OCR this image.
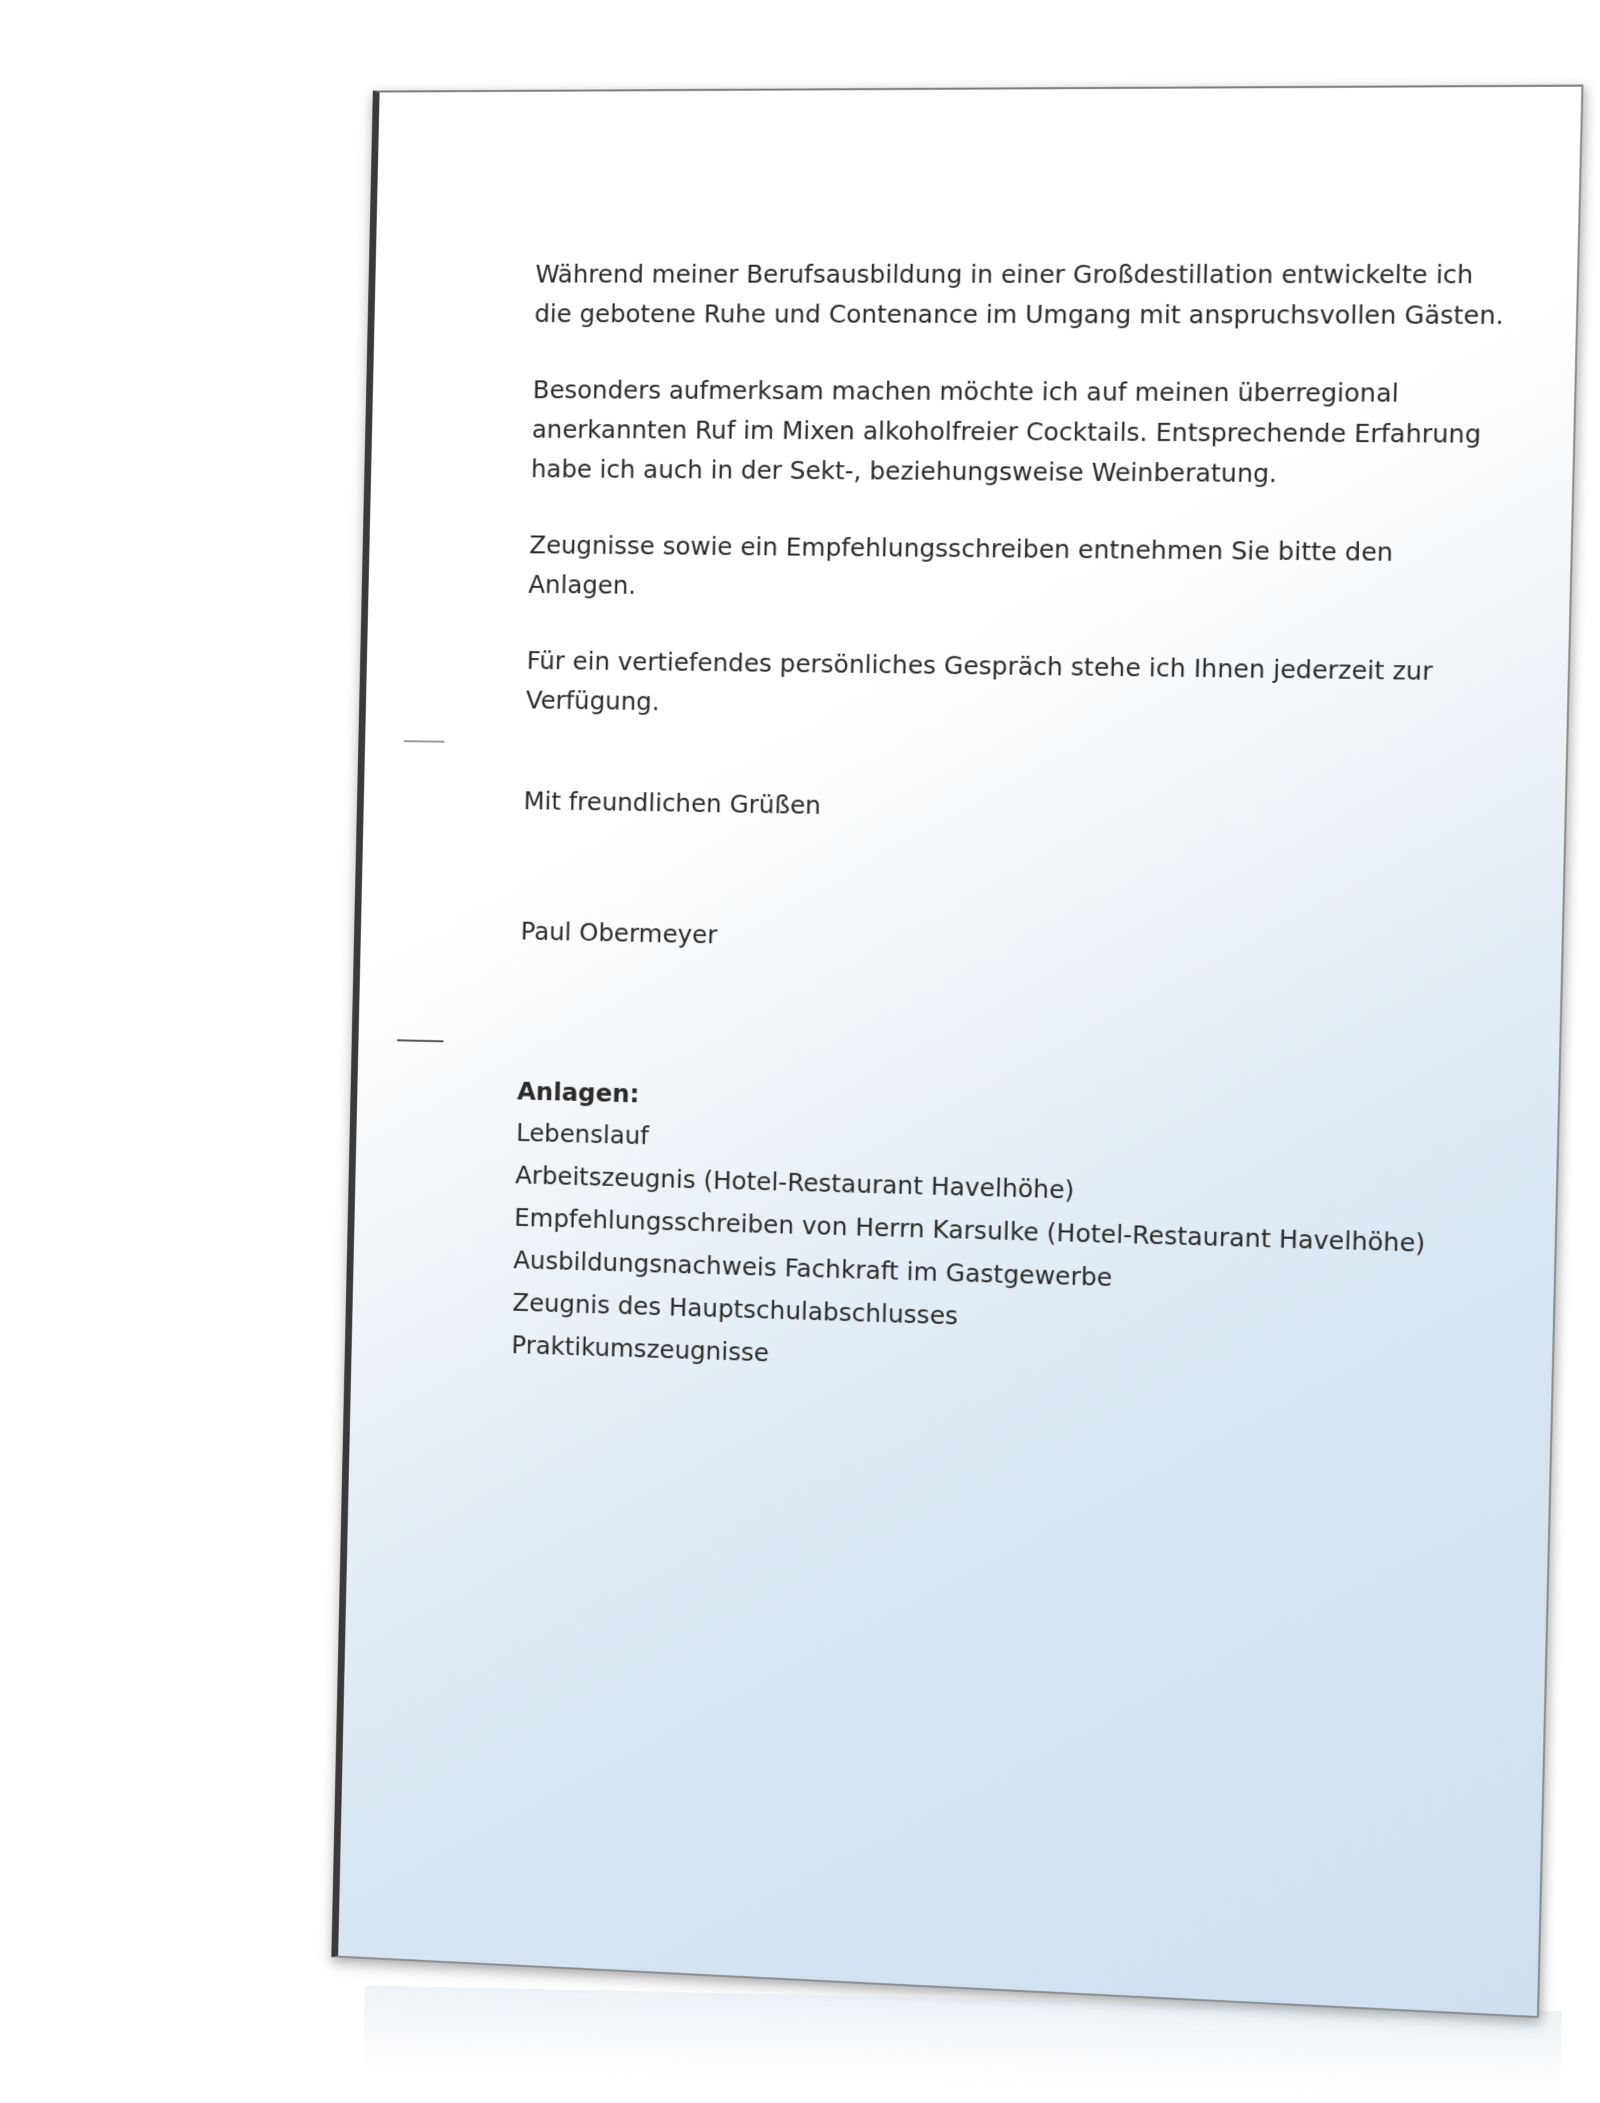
Während meiner Berufsausbildung in einer Großdestillation entwickelte ich die gebotene Ruhe und Contenance im Umgang mit anspruchsvollen Gästen.

Besonders aufmerksam machen möchte ich auf meinen überregional anerkannten Ruf im Mixen alkoholfreier Cocktails. Entsprechende Erfahrung habe ich auch in der Sekt-, beziehungsweise Weinberatung.

Zeugnisse sowie ein Empfehlungsschreiben entnehmen Sie bitte den Anlagen.

Für ein vertiefendes persönliches Gespräch stehe ich Ihnen jederzeit zur Verfügung.

Mit freundlichen Grüßen
Paul Obermeyer
Anlagen:
Lebenslauf
Arbeitszeugnis (Hotel-Restaurant Havelhöhe)
Empfehlungsschreiben von Herrn Karsulke (Hotel-Restaurant Havelhöhe)
Ausbildungsnachweis Fachkraft im Gastgewerbe
Zeugnis des Hauptschulabschlusses
Praktikumszeugnisse
